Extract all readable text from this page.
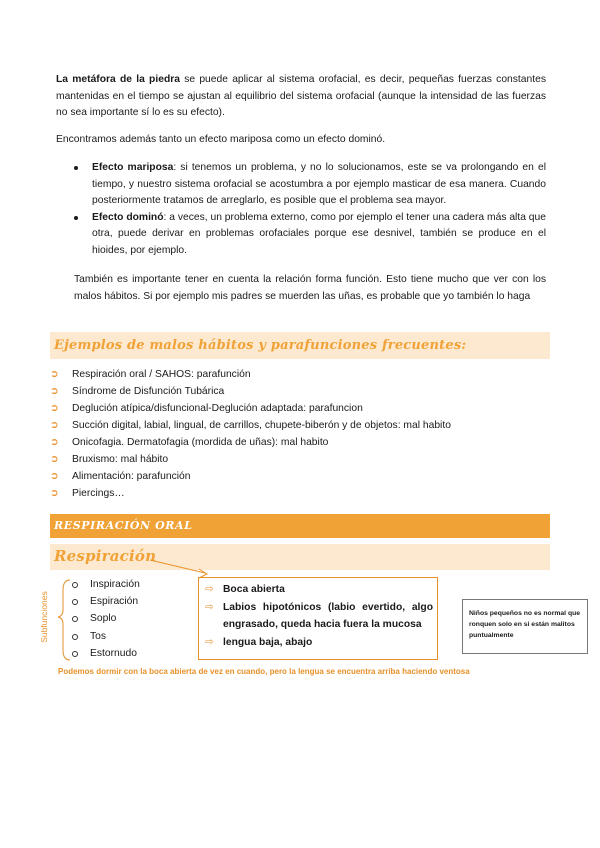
La metáfora de la piedra se puede aplicar al sistema orofacial, es decir, pequeñas fuerzas constantes mantenidas en el tiempo se ajustan al equilibrio del sistema orofacial (aunque la intensidad de las fuerzas no sea importante sí lo es su efecto).

Encontramos además tanto un efecto mariposa como un efecto dominó.

Efecto mariposa: si tenemos un problema, y no lo solucionamos, este se va prolongando en el tiempo, y nuestro sistema orofacial se acostumbra a por ejemplo masticar de esa manera. Cuando posteriormente tratamos de arreglarlo, es posible que el problema sea mayor.
Efecto dominó: a veces, un problema externo, como por ejemplo el tener una cadera más alta que otra, puede derivar en problemas orofaciales porque ese desnivel, también se produce en el hioides, por ejemplo.

También es importante tener en cuenta la relación forma función. Esto tiene mucho que ver con los malos hábitos. Si por ejemplo mis padres se muerden las uñas, es probable que yo también lo haga

Ejemplos de malos hábitos y parafunciones frecuentes:
➲ Respiración oral / SAHOS: parafunción
➲ Síndrome de Disfunción Tubárica
➲ Deglución atípica/disfuncional-Deglución adaptada: parafuncion
➲ Succión digital, labial, lingual, de carrillos, chupete-biberón y de objetos: mal habito
➲ Onicofagia. Dermatofagia (mordida de uñas): mal habito
➲ Bruxismo: mal hábito
➲ Alimentación: parafunción
➲ Piercings…
RESPIRACIÓN ORAL
Respiración
Subfunciones
Inspiración
Espiración
Soplo
Tos
Estornudo
⇨ Boca abierta
⇨ Labios hipotónicos (labio evertido, algo engrasado, queda hacia fuera la mucosa
⇨ lengua baja, abajo

Niños pequeños no es normal que ronquen solo en si están malitos puntualmente

Podemos dormir con la boca abierta de vez en cuando, pero la lengua se encuentra arriba haciendo ventosa
